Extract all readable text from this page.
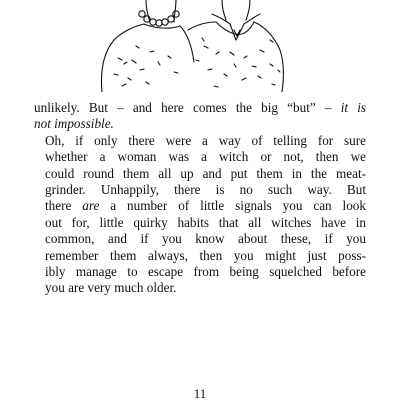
unlikely. But – and here comes the big “but” – it is
not impossible.

Oh, if only there were a way of telling for sure
whether a woman was a witch or not, then we
could round them all up and put them in the meat-
grinder. Unhappily, there is no such way. But
there are a number of little signals you can look
out for, little quirky habits that all witches have in
common, and if you know about these, if you
remember them always, then you might just poss-
ibly manage to escape from being squelched before
you are very much older.

11
